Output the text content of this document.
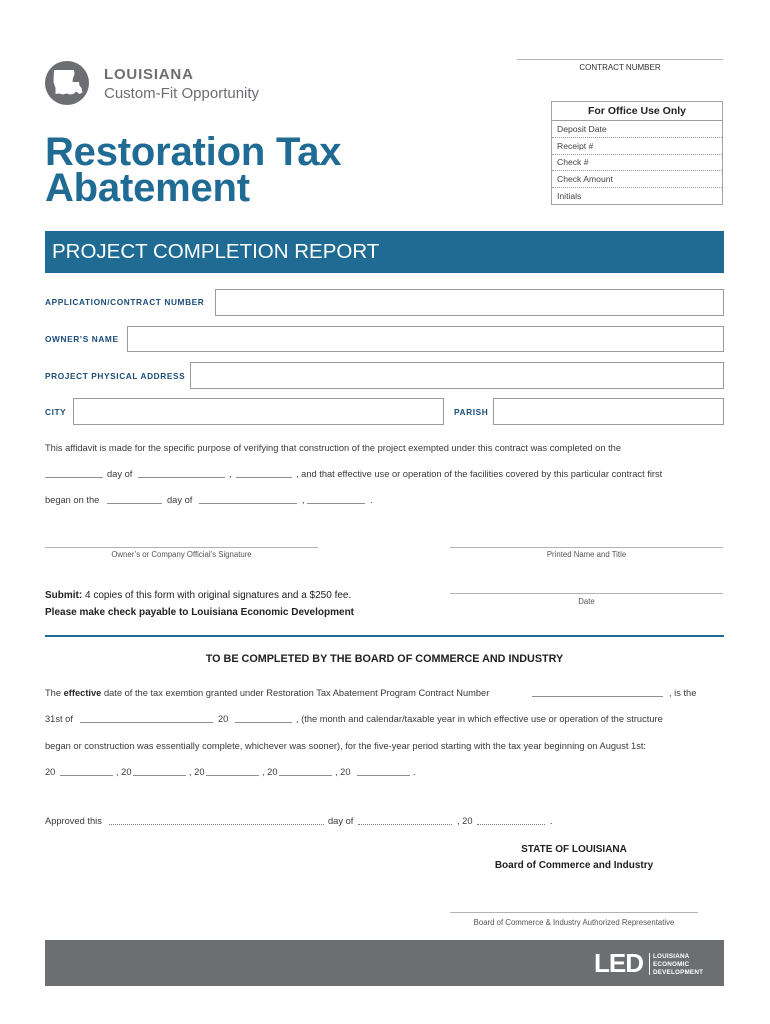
CONTRACT NUMBER
LOUISIANA
Custom-Fit Opportunity
Restoration Tax
Abatement
For Office Use Only
Deposit Date
Receipt #
Check #
Check Amount
Initials
PROJECT COMPLETION REPORT
APPLICATION/CONTRACT NUMBER
OWNER’S NAME
PROJECT PHYSICAL ADDRESS
CITY	PARISH
This affidavit is made for the specific purpose of verifying that construction of the project exempted under this contract was completed on the
day of	,	, and that effective use or operation of the facilities covered by this particular contract first
began on the	day of	,	.
Owner’s or Company Official’s Signature	Printed Name and Title
Submit: 4 copies of this form with original signatures and a $250 fee.
Please make check payable to Louisiana Economic Development
Date
TO BE COMPLETED BY THE BOARD OF COMMERCE AND INDUSTRY
The effective date of the tax exemtion granted under Restoration Tax Abatement Program Contract Number	, is the
31st of	20	, (the month and calendar/taxable year in which effective use or operation of the structure
began or construction was essentially complete, whichever was sooner), for the five-year period starting with the tax year beginning on August 1st:
20	, 20	, 20	, 20	, 20	.
Approved this	day of	, 20	.
STATE OF LOUISIANA
Board of Commerce and Industry
Board of Commerce & Industry Authorized Representative
LED LOUISIANA
ECONOMIC
DEVELOPMENT
